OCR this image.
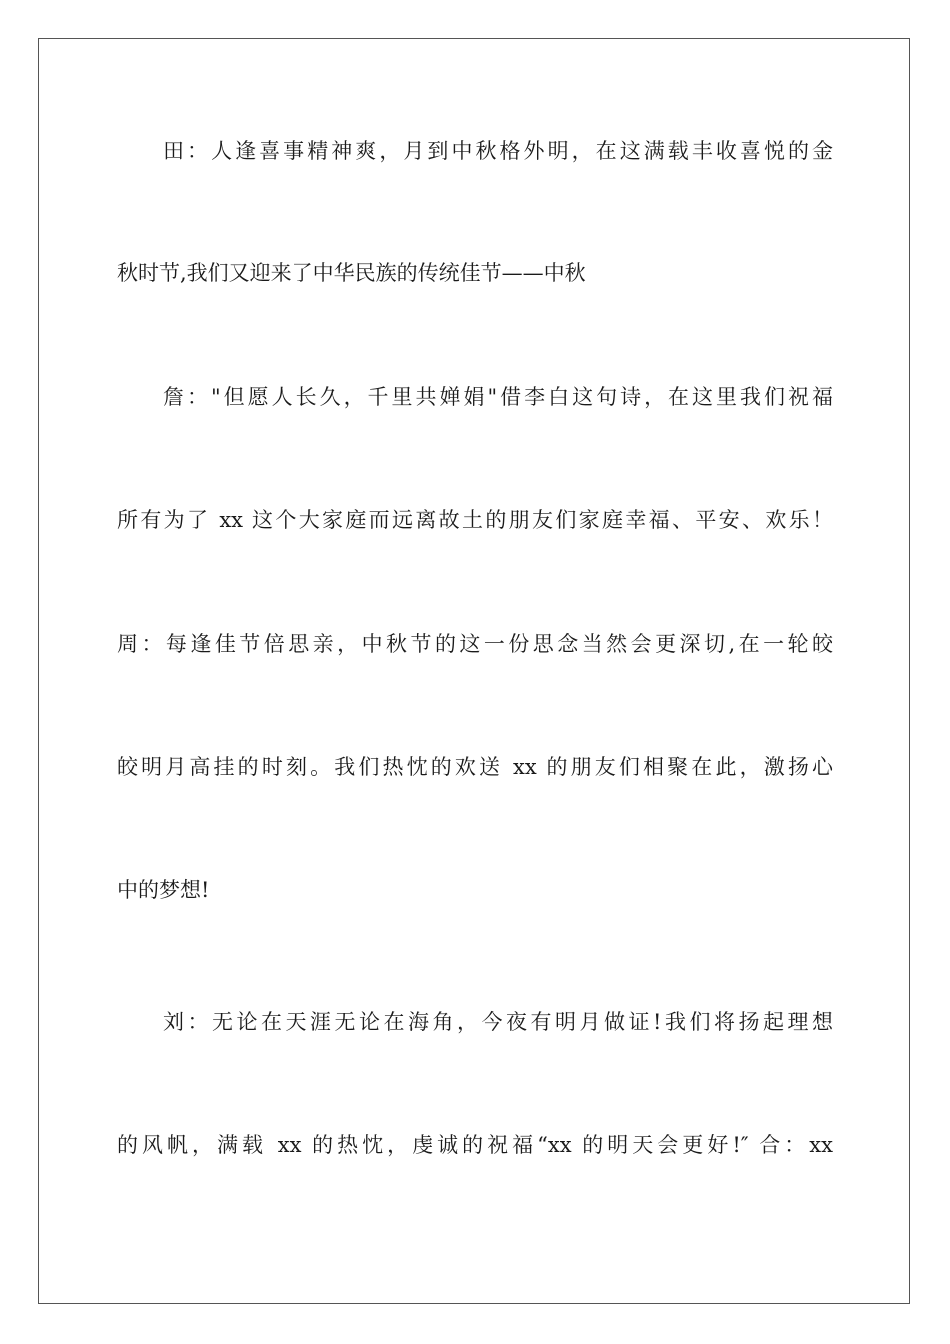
田：人逢喜事精神爽，月到中秋格外明，在这满载丰收喜悦的金
秋时节,我们又迎来了中华民族的传统佳节——中秋
詹："但愿人长久，千里共婵娟"借李白这句诗，在这里我们祝福
所有为了 xx 这个大家庭而远离故土的朋友们家庭幸福、平安、欢乐！
周：每逢佳节倍思亲，中秋节的这一份思念当然会更深切,在一轮皎
皎明月高挂的时刻。我们热忱的欢送 xx 的朋友们相聚在此，激扬心
中的梦想!
刘：无论在天涯无论在海角，今夜有明月做证!我们将扬起理想
的风帆，满载 xx 的热忱，虔诚的祝福“xx 的明天会更好!″ 合：xx
